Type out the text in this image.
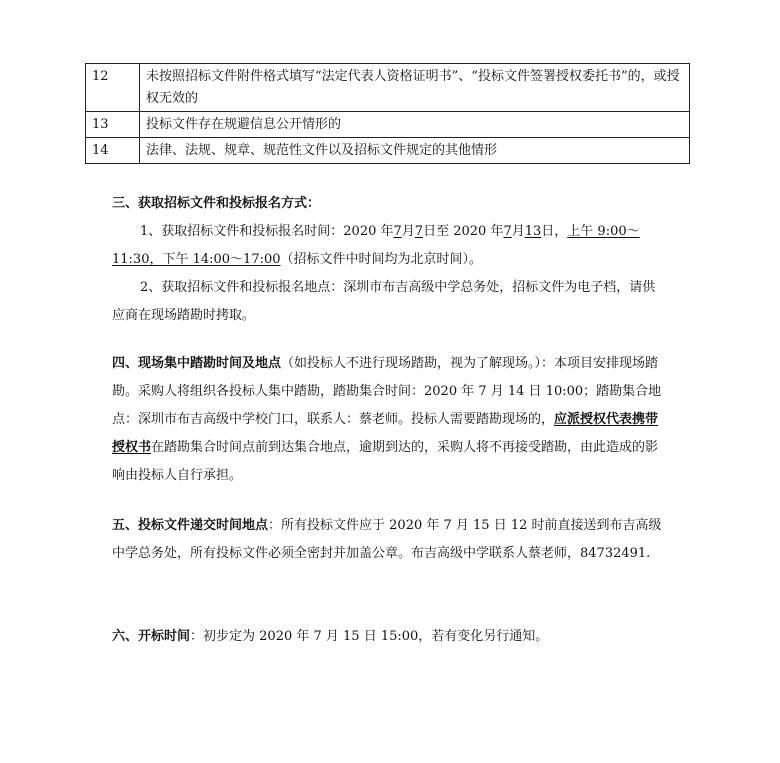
12	未按照招标文件附件格式填写“法定代表人资格证明书”、“投标文件签署授权委托书”的，或授权无效的
13	投标文件存在规避信息公开情形的
14	法律、法规、规章、规范性文件以及招标文件规定的其他情形
三、获取招标文件和投标报名方式：
1、获取招标文件和投标报名时间：2020 年7月7日至 2020 年7月13日，上午 9:00～11:30，下午 14:00～17:00（招标文件中时间均为北京时间）。
2、获取招标文件和投标报名地点：深圳市布吉高级中学总务处，招标文件为电子档，请供应商在现场踏勘时拷取。
四、现场集中踏勘时间及地点（如投标人不进行现场踏勘，视为了解现场。）：本项目安排现场踏勘。采购人将组织各投标人集中踏勘，踏勘集合时间：2020 年 7 月 14 日 10:00；踏勘集合地点：深圳市布吉高级中学校门口，联系人：蔡老师。投标人需要踏勘现场的，应派授权代表携带授权书在踏勘集合时间点前到达集合地点，逾期到达的，采购人将不再接受踏勘，由此造成的影响由投标人自行承担。
五、投标文件递交时间地点：所有投标文件应于 2020 年 7 月 15 日 12 时前直接送到布吉高级中学总务处，所有投标文件必须全密封并加盖公章。布吉高级中学联系人蔡老师，84732491.
六、开标时间：初步定为 2020 年 7 月 15 日 15:00，若有变化另行通知。
